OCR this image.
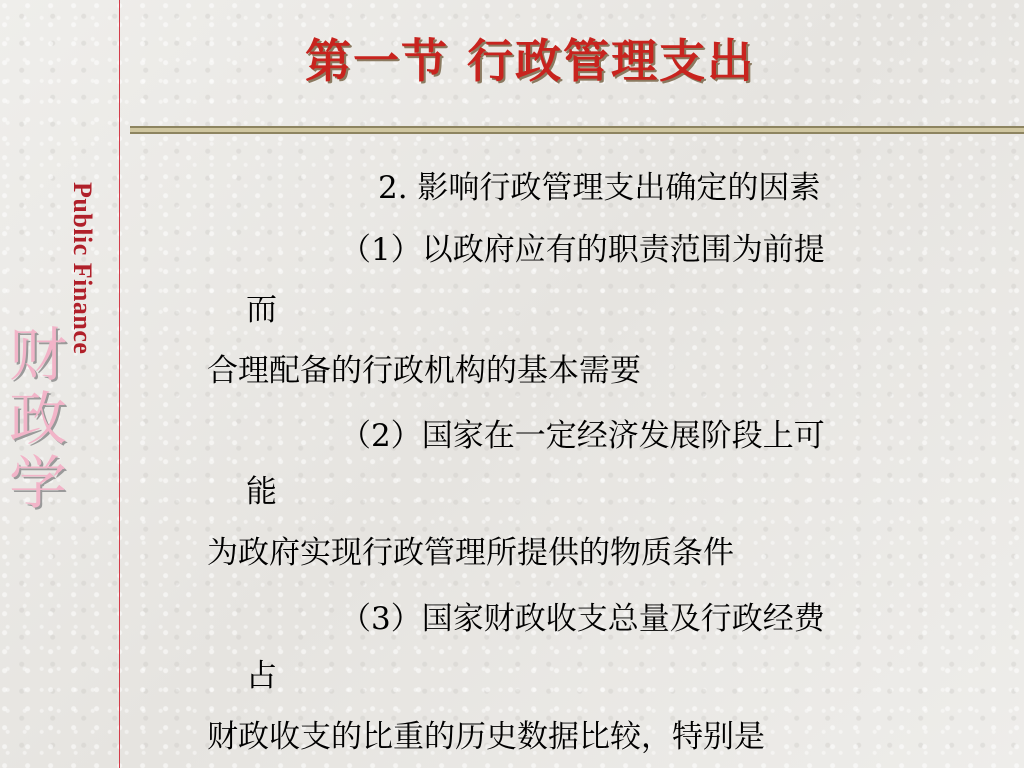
Public Finance
财
政
学
第一节 行政管理支出
2. 影响行政管理支出确定的因素
（1）以政府应有的职责范围为前提
而
合理配备的行政机构的基本需要
（2）国家在一定经济发展阶段上可
能
为政府实现行政管理所提供的物质条件
（3）国家财政收支总量及行政经费
占
财政收支的比重的历史数据比较，特别是
